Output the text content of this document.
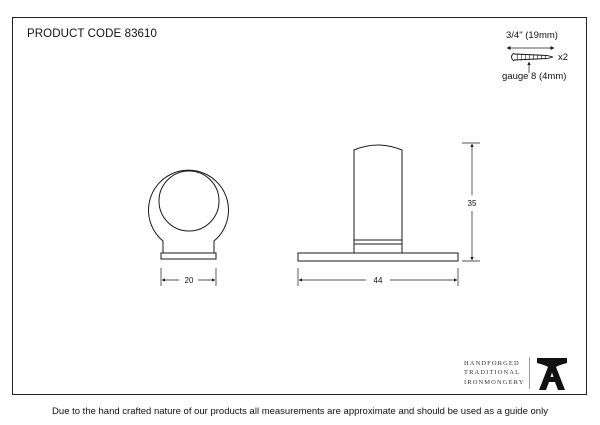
PRODUCT CODE 83610	3/4" (19mm)
x2
gauge 8 (4mm)
20	44
35
HANDFORGED
TRADITIONAL
IRONMONGERY
Due to the hand crafted nature of our products all measurements are approximate and should be used as a guide only
